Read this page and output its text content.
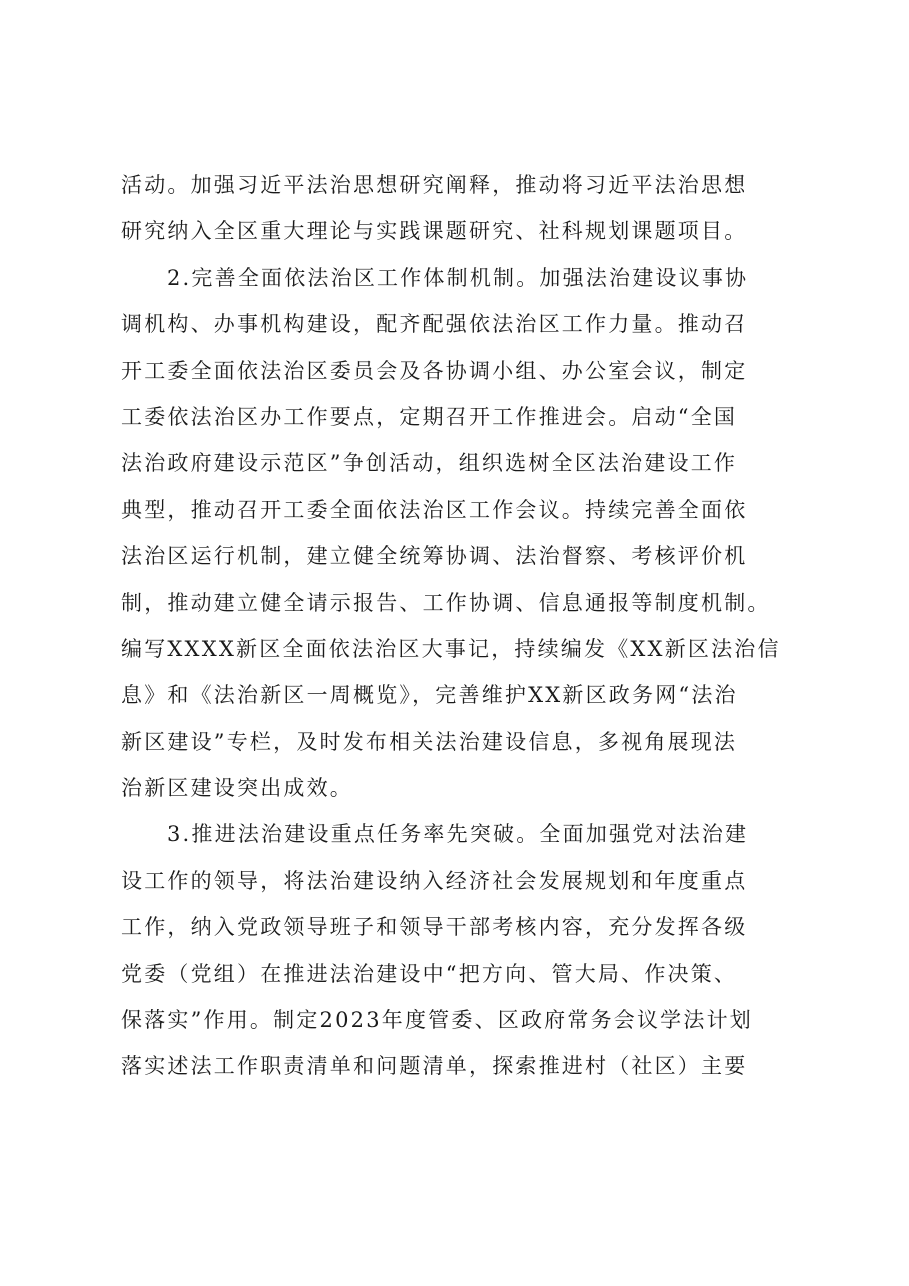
活动。加强习近平法治思想研究阐释，推动将习近平法治思想
研究纳入全区重大理论与实践课题研究、社科规划课题项目。
2.完善全面依法治区工作体制机制。加强法治建设议事协
调机构、办事机构建设，配齐配强依法治区工作力量。推动召
开工委全面依法治区委员会及各协调小组、办公室会议，制定
工委依法治区办工作要点，定期召开工作推进会。启动“全国
法治政府建设示范区”争创活动，组织选树全区法治建设工作
典型，推动召开工委全面依法治区工作会议。持续完善全面依
法治区运行机制，建立健全统筹协调、法治督察、考核评价机
制，推动建立健全请示报告、工作协调、信息通报等制度机制。
编写XXXX新区全面依法治区大事记，持续编发《XX新区法治信
息》和《法治新区一周概览》，完善维护XX新区政务网“法治
新区建设”专栏，及时发布相关法治建设信息，多视角展现法
治新区建设突出成效。
3.推进法治建设重点任务率先突破。全面加强党对法治建
设工作的领导，将法治建设纳入经济社会发展规划和年度重点
工作，纳入党政领导班子和领导干部考核内容，充分发挥各级
党委（党组）在推进法治建设中“把方向、管大局、作决策、
保落实”作用。制定2023年度管委、区政府常务会议学法计划
落实述法工作职责清单和问题清单，探索推进村（社区）主要
